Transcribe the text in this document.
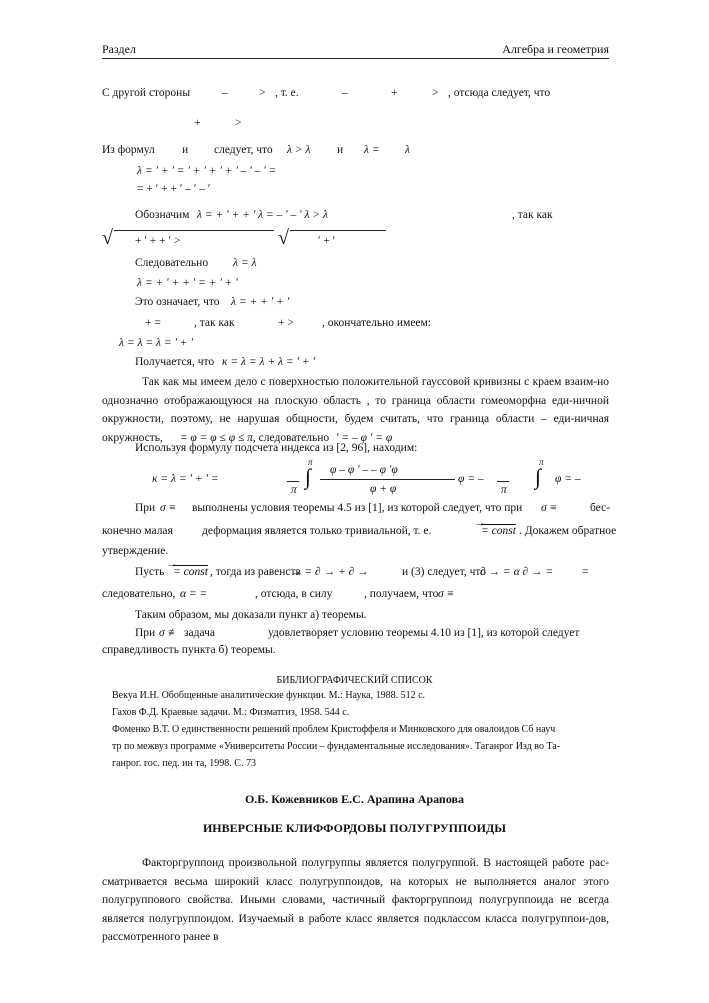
Раздел	Алгебра и геометрия
С другой стороны	–	> , т. е.	–	+	> , отсюда следует, что
+	>
Из формул и следует, что λ > λ и λ = λ
λ = ʹ + ʹ = ʹ + ʹ + ʹ + ʹ – ʹ – ʹ =
= + ʹ + + ʹ – ʹ – ʹ
Обозначим λ = + ʹ + + ʹ λ = – ʹ – ʹ λ > λ	, так как
√ + ʹ + + ʹ >	√	ʹ + ʹ
Следовательно λ = λ
λ = + ʹ + + ʹ = + ʹ + ʹ
Это означает, что λ = + + ʹ + ʹ
+ =	, так как	+ > , окончательно имеем:
λ = λ = λ = ʹ + ʹ
Получается, что κ = λ = λ + λ = ʹ + ʹ
Так как мы имеем дело с поверхностью положительной гауссовой кривизны с краем взаим-но однозначно отображающуюся на плоскую область , то граница области гомеоморфна еди-ничной окружности, поэтому, не нарушая общности, будем считать, что граница области – еди-ничная окружность, = φ = φ ≤ φ ≤ π, следовательно ʹ = – φ ʹ = φ
Используя формулу подсчета индекса из [2, 96], находим:
κ = λ = ʹ + ʹ =
π
π
∫ φ – φ ʹ – – φ ʹφ
φ + φ
φ = –
π
π
∫ φ = –
При σ ≡ выполнены условия теоремы 4.5 из [1], из которой следует, что при σ ≡	бес-
конечно малая	деформация является только тривиальной, т. е.
→
= const . Докажем обратное
утверждение.
Пусть
→
= const , тогда из равенств
→ = ∂ → + ∂ →	и (3) следует, что
∂ → = α ∂ → =	=
следовательно, α = =	, отсюда, в силу	, получаем, что σ ≡
Таким образом, мы доказали пункт а) теоремы.
При σ ≢ задача	удовлетворяет условию теоремы 4.10 из [1], из которой следует
справедливость пункта б) теоремы.
БИБЛИОГРАФИЧЕСКИЙ СПИСОК
Векуа И.Н. Обобщенные аналитические функции. М.: Наука, 1988. 512 с.
Гахов Ф.Д. Краевые задачи. М.: Физматгиз, 1958. 544 с.
Фоменко В.Т. О единственности решений проблем Кристоффеля и Минковского для овалоидов Сб науч
тр по межвуз программе «Университеты России – фундаментальные исследования». Таганрог Изд во Та-
ганрог. гос. пед. ин та, 1998. С. 73
О.Б. Кожевников Е.С. Арапина Арапова
ИНВЕРСНЫЕ КЛИФФОРДОВЫ ПОЛУГРУППОИДЫ
Факторгруппоид произвольной полугруппы является полугруппой. В настоящей работе рас-сматривается весьма широкий класс полугруппоидов, на которых не выполняется аналог этого полугруппового свойства. Иными словами, частичный факторгруппоид полугруппоида не всегда является полугруппоидом. Изучаемый в работе класс является подклассом класса полугруппои-дов, рассмотренного ранее в
